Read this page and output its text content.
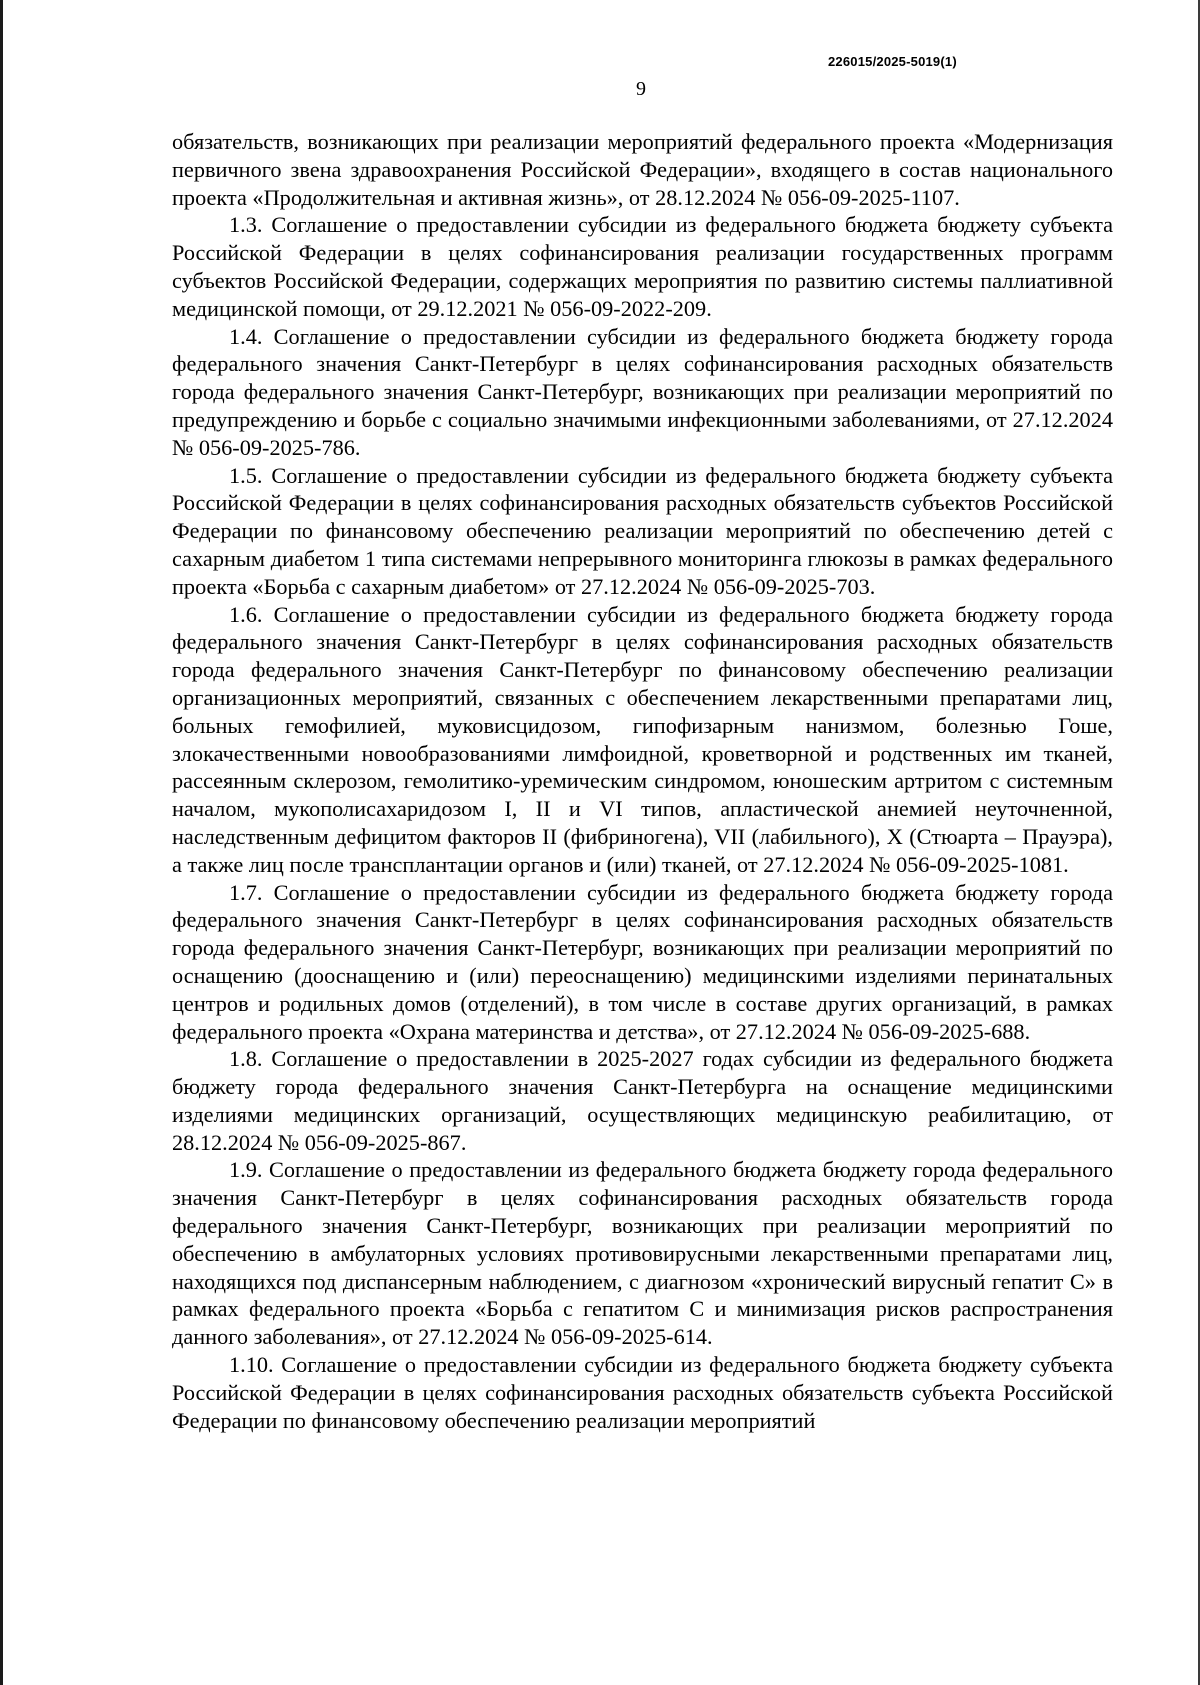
226015/2025-5019(1)
9

обязательств, возникающих при реализации мероприятий федерального проекта «Модернизация первичного звена здравоохранения Российской Федерации», входящего в состав национального проекта «Продолжительная и активная жизнь», от 28.12.2024 № 056-09-2025-1107.

1.3. Соглашение о предоставлении субсидии из федерального бюджета бюджету субъекта Российской Федерации в целях софинансирования реализации государственных программ субъектов Российской Федерации, содержащих мероприятия по развитию системы паллиативной медицинской помощи, от 29.12.2021 № 056-09-2022-209.

1.4. Соглашение о предоставлении субсидии из федерального бюджета бюджету города федерального значения Санкт-Петербург в целях софинансирования расходных обязательств города федерального значения Санкт-Петербург, возникающих при реализации мероприятий по предупреждению и борьбе с социально значимыми инфекционными заболеваниями, от 27.12.2024 № 056-09-2025-786.

1.5. Соглашение о предоставлении субсидии из федерального бюджета бюджету субъекта Российской Федерации в целях софинансирования расходных обязательств субъектов Российской Федерации по финансовому обеспечению реализации мероприятий по обеспечению детей с сахарным диабетом 1 типа системами непрерывного мониторинга глюкозы в рамках федерального проекта «Борьба с сахарным диабетом» от 27.12.2024 № 056-09-2025-703.

1.6. Соглашение о предоставлении субсидии из федерального бюджета бюджету города федерального значения Санкт-Петербург в целях софинансирования расходных обязательств города федерального значения Санкт-Петербург по финансовому обеспечению реализации организационных мероприятий, связанных с обеспечением лекарственными препаратами лиц, больных гемофилией, муковисцидозом, гипофизарным нанизмом, болезнью Гоше, злокачественными новообразованиями лимфоидной, кроветворной и родственных им тканей, рассеянным склерозом, гемолитико-уремическим синдромом, юношеским артритом с системным началом, мукополисахаридозом I, II и VI типов, апластической анемией неуточненной, наследственным дефицитом факторов II (фибриногена), VII (лабильного), X (Стюарта – Прауэра), а также лиц после трансплантации органов и (или) тканей, от 27.12.2024 № 056-09-2025-1081.

1.7. Соглашение о предоставлении субсидии из федерального бюджета бюджету города федерального значения Санкт-Петербург в целях софинансирования расходных обязательств города федерального значения Санкт-Петербург, возникающих при реализации мероприятий по оснащению (дооснащению и (или) переоснащению) медицинскими изделиями перинатальных центров и родильных домов (отделений), в том числе в составе других организаций, в рамках федерального проекта «Охрана материнства и детства», от 27.12.2024 № 056-09-2025-688.

1.8. Соглашение о предоставлении в 2025-2027 годах субсидии из федерального бюджета бюджету города федерального значения Санкт-Петербурга на оснащение медицинскими изделиями медицинских организаций, осуществляющих медицинскую реабилитацию, от 28.12.2024 № 056-09-2025-867.

1.9. Соглашение о предоставлении из федерального бюджета бюджету города федерального значения Санкт-Петербург в целях софинансирования расходных обязательств города федерального значения Санкт-Петербург, возникающих при реализации мероприятий по обеспечению в амбулаторных условиях противовирусными лекарственными препаратами лиц, находящихся под диспансерным наблюдением, с диагнозом «хронический вирусный гепатит С» в рамках федерального проекта «Борьба с гепатитом С и минимизация рисков распространения данного заболевания», от 27.12.2024 № 056-09-2025-614.

1.10. Соглашение о предоставлении субсидии из федерального бюджета бюджету субъекта Российской Федерации в целях софинансирования расходных обязательств субъекта Российской Федерации по финансовому обеспечению реализации мероприятий
